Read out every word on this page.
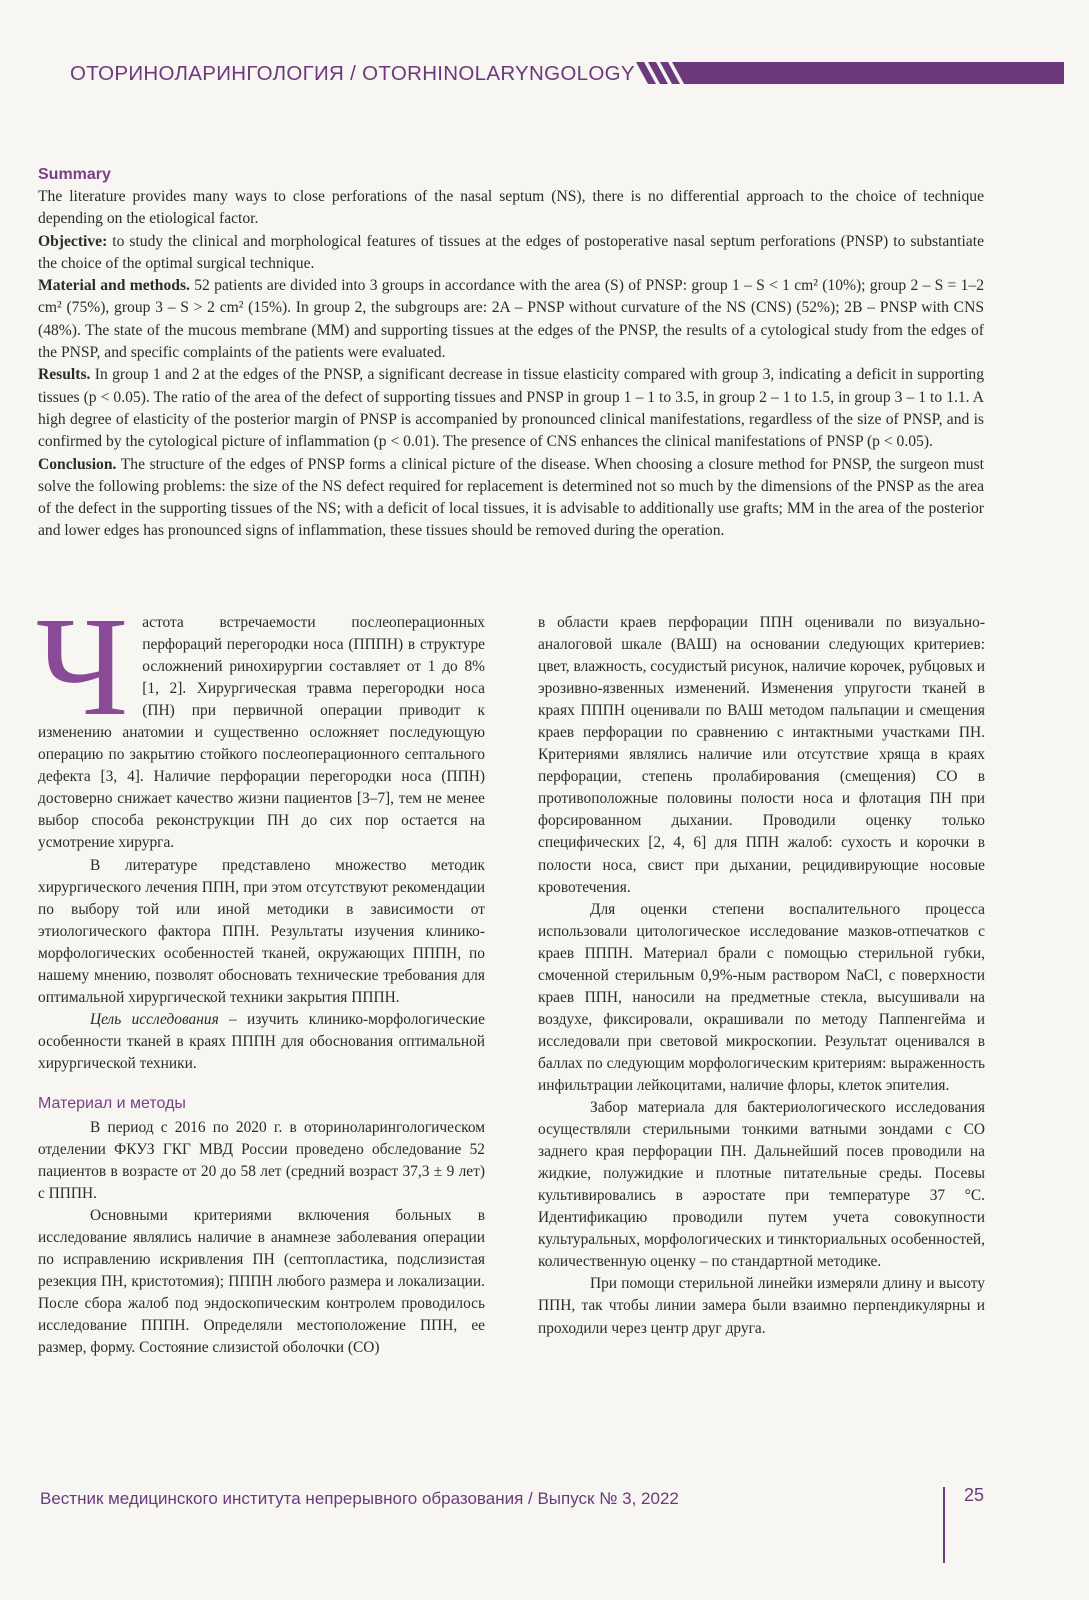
ОТОРИНОЛАРИНГОЛОГИЯ / OTORHINOLARYNGOLOGY
Summary

The literature provides many ways to close perforations of the nasal septum (NS), there is no differential approach to the choice of technique depending on the etiological factor.

Objective: to study the clinical and morphological features of tissues at the edges of postoperative nasal septum perforations (PNSP) to substantiate the choice of the optimal surgical technique.

Material and methods. 52 patients are divided into 3 groups in accordance with the area (S) of PNSP: group 1 – S < 1 cm² (10%); group 2 – S = 1–2 cm² (75%), group 3 – S > 2 cm² (15%). In group 2, the subgroups are: 2A – PNSP without curvature of the NS (CNS) (52%); 2B – PNSP with CNS (48%). The state of the mucous membrane (MM) and supporting tissues at the edges of the PNSP, the results of a cytological study from the edges of the PNSP, and specific complaints of the patients were evaluated.

Results. In group 1 and 2 at the edges of the PNSP, a significant decrease in tissue elasticity compared with group 3, indicating a deficit in supporting tissues (p < 0.05). The ratio of the area of the defect of supporting tissues and PNSP in group 1 – 1 to 3.5, in group 2 – 1 to 1.5, in group 3 – 1 to 1.1. A high degree of elasticity of the posterior margin of PNSP is accompanied by pronounced clinical manifestations, regardless of the size of PNSP, and is confirmed by the cytological picture of inflammation (p < 0.01). The presence of CNS enhances the clinical manifestations of PNSP (p < 0.05).

Conclusion. The structure of the edges of PNSP forms a clinical picture of the disease. When choosing a closure method for PNSP, the surgeon must solve the following problems: the size of the NS defect required for replacement is determined not so much by the dimensions of the PNSP as the area of the defect in the supporting tissues of the NS; with a deficit of local tissues, it is advisable to additionally use grafts; MM in the area of the posterior and lower edges has pronounced signs of inflammation, these tissues should be removed during the operation.

Частота встречаемости послеоперационных перфораций перегородки носа (ПППН) в структуре осложнений ринохирургии составляет от 1 до 8% [1, 2]. Хирургическая травма перегородки носа (ПН) при первичной операции приводит к изменению анатомии и существенно осложняет последующую операцию по закрытию стойкого послеоперационного септального дефекта [3, 4]. Наличие перфорации перегородки носа (ППН) достоверно снижает качество жизни пациентов [3–7], тем не менее выбор способа реконструкции ПН до сих пор остается на усмотрение хирурга.

В литературе представлено множество методик хирургического лечения ППН, при этом отсутствуют рекомендации по выбору той или иной методики в зависимости от этиологического фактора ППН. Результаты изучения клинико-морфологических особенностей тканей, окружающих ПППН, по нашему мнению, позволят обосновать технические требования для оптимальной хирургической техники закрытия ПППН.

Цель исследования – изучить клинико-морфологические особенности тканей в краях ПППН для обоснования оптимальной хирургической техники.

Материал и методы

В период с 2016 по 2020 г. в оториноларингологическом отделении ФКУЗ ГКГ МВД России проведено обследование 52 пациентов в возрасте от 20 до 58 лет (средний возраст 37,3 ± 9 лет) с ПППН.

Основными критериями включения больных в исследование являлись наличие в анамнезе заболевания операции по исправлению искривления ПН (септопластика, подслизистая резекция ПН, кристотомия); ПППН любого размера и локализации. После сбора жалоб под эндоскопическим контролем проводилось исследование ПППН. Определяли местоположение ППН, ее размер, форму. Состояние слизистой оболочки (СО)

в области краев перфорации ППН оценивали по визуально-аналоговой шкале (ВАШ) на основании следующих критериев: цвет, влажность, сосудистый рисунок, наличие корочек, рубцовых и эрозивно-язвенных изменений. Изменения упругости тканей в краях ПППН оценивали по ВАШ методом пальпации и смещения краев перфорации по сравнению с интактными участками ПН. Критериями являлись наличие или отсутствие хряща в краях перфорации, степень пролабирования (смещения) СО в противоположные половины полости носа и флотация ПН при форсированном дыхании. Проводили оценку только специфических [2, 4, 6] для ППН жалоб: сухость и корочки в полости носа, свист при дыхании, рецидивирующие носовые кровотечения.

Для оценки степени воспалительного процесса использовали цитологическое исследование мазков-отпечатков с краев ПППН. Материал брали с помощью стерильной губки, смоченной стерильным 0,9%-ным раствором NaCl, с поверхности краев ППН, наносили на предметные стекла, высушивали на воздухе, фиксировали, окрашивали по методу Паппенгейма и исследовали при световой микроскопии. Результат оценивался в баллах по следующим морфологическим критериям: выраженность инфильтрации лейкоцитами, наличие флоры, клеток эпителия.

Забор материала для бактериологического исследования осуществляли стерильными тонкими ватными зондами с СО заднего края перфорации ПН. Дальнейший посев проводили на жидкие, полужидкие и плотные питательные среды. Посевы культивировались в аэростате при температуре 37 °C. Идентификацию проводили путем учета совокупности культуральных, морфологических и тинкториальных особенностей, количественную оценку – по стандартной методике.

При помощи стерильной линейки измеряли длину и высоту ППН, так чтобы линии замера были взаимно перпендикулярны и проходили через центр друг друга.

Вестник медицинского института непрерывного образования / Выпуск № 3, 2022	25
